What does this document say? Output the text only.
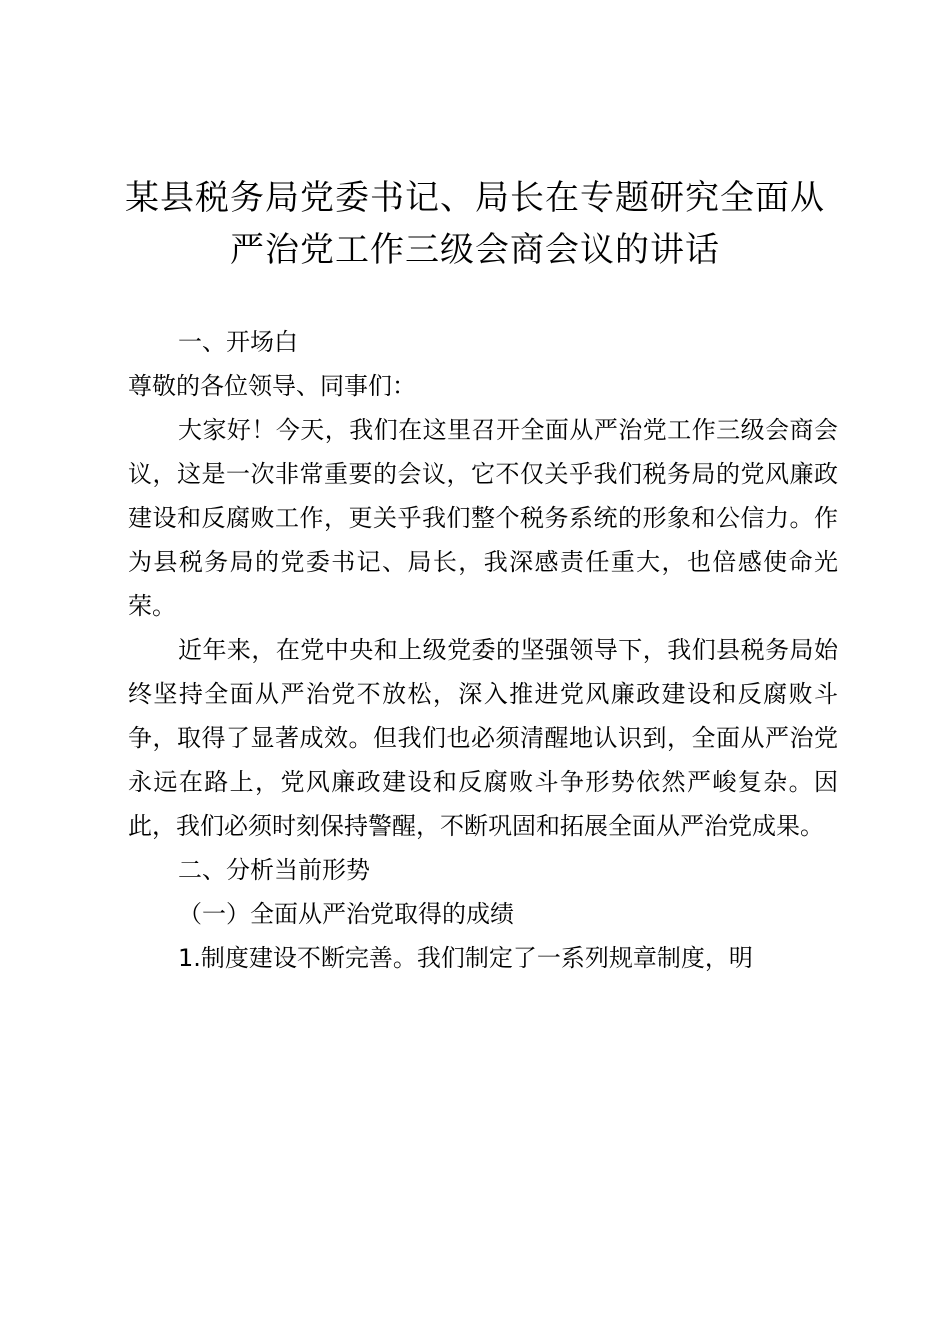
某县税务局党委书记、局长在专题研究全面从
严治党工作三级会商会议的讲话

一、开场白

尊敬的各位领导、同事们：

大家好！今天，我们在这里召开全面从严治党工作三级会商会议，这是一次非常重要的会议，它不仅关乎我们税务局的党风廉政建设和反腐败工作，更关乎我们整个税务系统的形象和公信力。作为县税务局的党委书记、局长，我深感责任重大，也倍感使命光荣。

近年来，在党中央和上级党委的坚强领导下，我们县税务局始终坚持全面从严治党不放松，深入推进党风廉政建设和反腐败斗争，取得了显著成效。但我们也必须清醒地认识到，全面从严治党永远在路上，党风廉政建设和反腐败斗争形势依然严峻复杂。因此，我们必须时刻保持警醒，不断巩固和拓展全面从严治党成果。

二、分析当前形势

（一）全面从严治党取得的成绩

1.制度建设不断完善。我们制定了一系列规章制度，明
